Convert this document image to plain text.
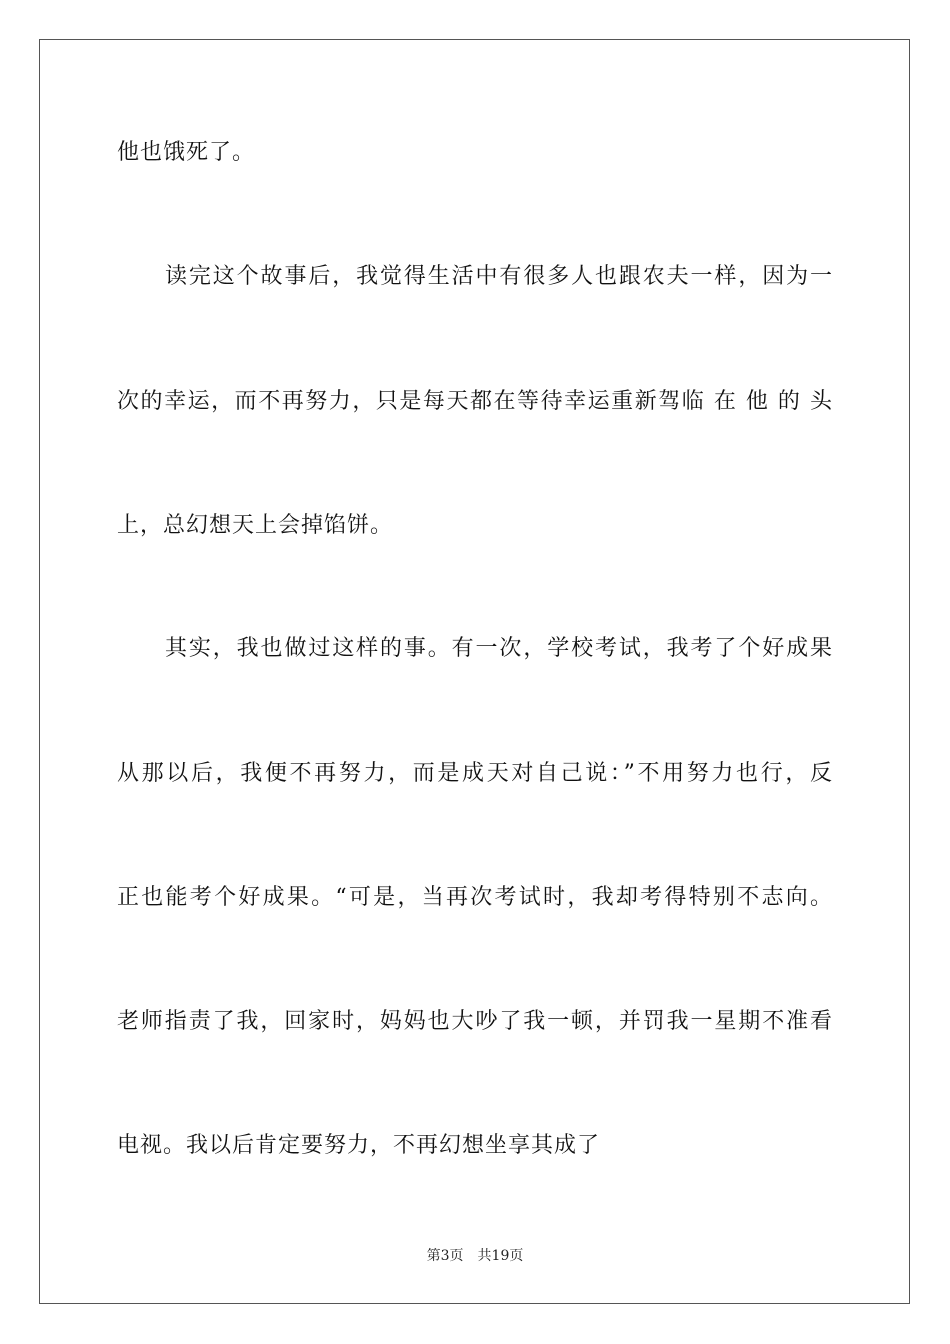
他也饿死了。
读完这个故事后，我觉得生活中有很多人也跟农夫一样，因为一
次的幸运，而不再努力，只是每天都在等待幸运重新驾临 在 他 的 头
上，总幻想天上会掉馅饼。
其实，我也做过这样的事。有一次，学校考试，我考了个好成果
从那以后，我便不再努力，而是成天对自己说：”不用努力也行，反
正也能考个好成果。“可是，当再次考试时，我却考得特别不志向。
老师指责了我，回家时，妈妈也大吵了我一顿，并罚我一星期不准看
电视。我以后肯定要努力，不再幻想坐享其成了
第3页 共19页
